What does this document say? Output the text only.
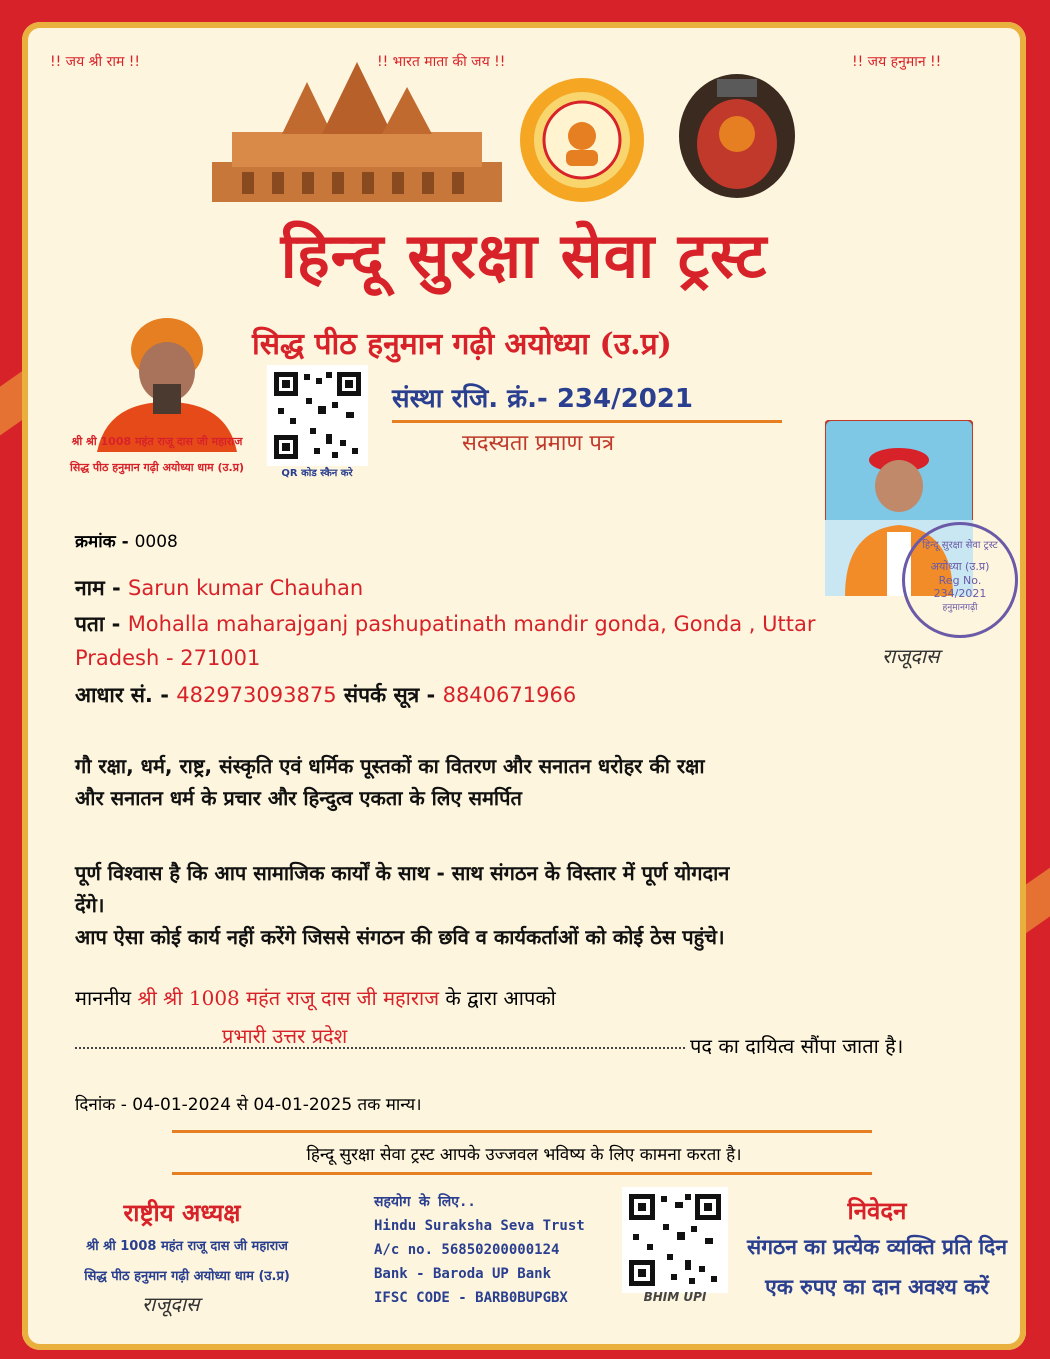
!! जय श्री राम !!	!! भारत माता की जय !!	!! जय हनुमान !!
हिन्दू सुरक्षा सेवा ट्रस्ट
सिद्ध पीठ हनुमान गढ़ी अयोध्या (उ.प्र)
श्री श्री 1008 महंत राजू दास जी महाराज
सिद्ध पीठ हनुमान गढ़ी अयोध्या धाम (उ.प्र)	QR कोड स्कैन करे
संस्था रजि. क्रं.- 234/2021
सदस्यता प्रमाण पत्र
हिन्दू सुरक्षा सेवा ट्रस्ट
अयोध्या (उ.प्र)
Reg No.
234/2021
हनुमानगढ़ी
राजूदास
क्रमांक - 0008
नाम - Sarun kumar Chauhan
पता - Mohalla maharajganj pashupatinath mandir gonda, Gonda , Uttar
Pradesh - 271001
आधार सं. - 482973093875 संपर्क सूत्र - 8840671966
गौ रक्षा, धर्म, राष्ट्र, संस्कृति एवं धर्मिक पूस्तकों का वितरण और सनातन धरोहर की रक्षा
और सनातन धर्म के प्रचार और हिन्दुत्व एकता के लिए समर्पित
पूर्ण विश्वास है कि आप सामाजिक कार्यों के साथ - साथ संगठन के विस्तार में पूर्ण योगदान
देंगे।
आप ऐसा कोई कार्य नहीं करेंगे जिससे संगठन की छवि व कार्यकर्ताओं को कोई ठेस पहुंचे।
माननीय श्री श्री 1008 महंत राजू दास जी महाराज के द्वारा आपको
प्रभारी उत्तर प्रदेश	पद का दायित्व सौंपा जाता है।
दिनांक - 04-01-2024 से 04-01-2025 तक मान्य।
हिन्दू सुरक्षा सेवा ट्रस्ट आपके उज्जवल भविष्य के लिए कामना करता है।
राष्ट्रीय अध्यक्ष
श्री श्री 1008 महंत राजू दास जी महाराज
सिद्ध पीठ हनुमान गढ़ी अयोध्या धाम (उ.प्र)
राजूदास
सहयोग के लिए..
Hindu Suraksha Seva Trust
A/c no. 56850200000124
Bank - Baroda UP Bank
IFSC CODE - BARB0BUPGBX	BHIM UPI
निवेदन
संगठन का प्रत्येक व्यक्ति प्रति दिन
एक रुपए का दान अवश्य करें
